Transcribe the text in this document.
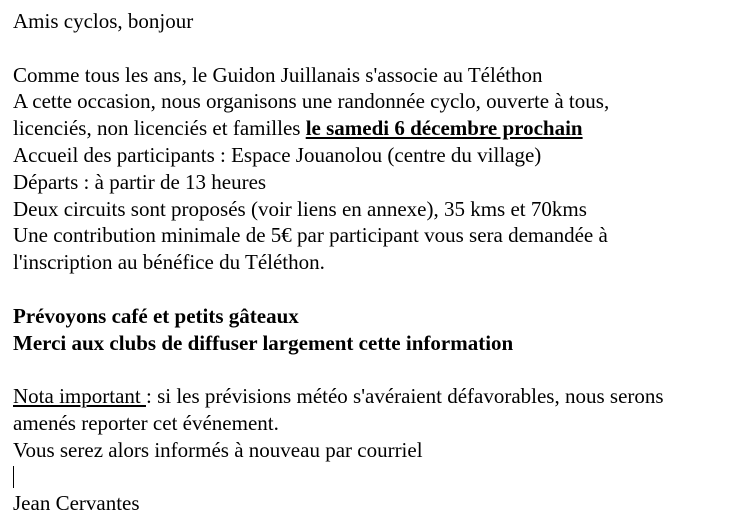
Amis cyclos, bonjour
Comme tous les ans, le Guidon Juillanais s'associe au Téléthon
A cette occasion, nous organisons une randonnée cyclo, ouverte à tous,
licenciés, non licenciés et familles le samedi 6 décembre prochain
Accueil des participants : Espace Jouanolou (centre du village)
Départs : à partir de 13 heures
Deux circuits sont proposés (voir liens en annexe), 35 kms et 70kms
Une contribution minimale de 5€ par participant vous sera demandée à
l'inscription au bénéfice du Téléthon.
Prévoyons café et petits gâteaux
Merci aux clubs de diffuser largement cette information
Nota important : si les prévisions météo s'avéraient défavorables, nous serons
amenés reporter cet événement.
Vous serez alors informés à nouveau par courriel
Jean Cervantes
